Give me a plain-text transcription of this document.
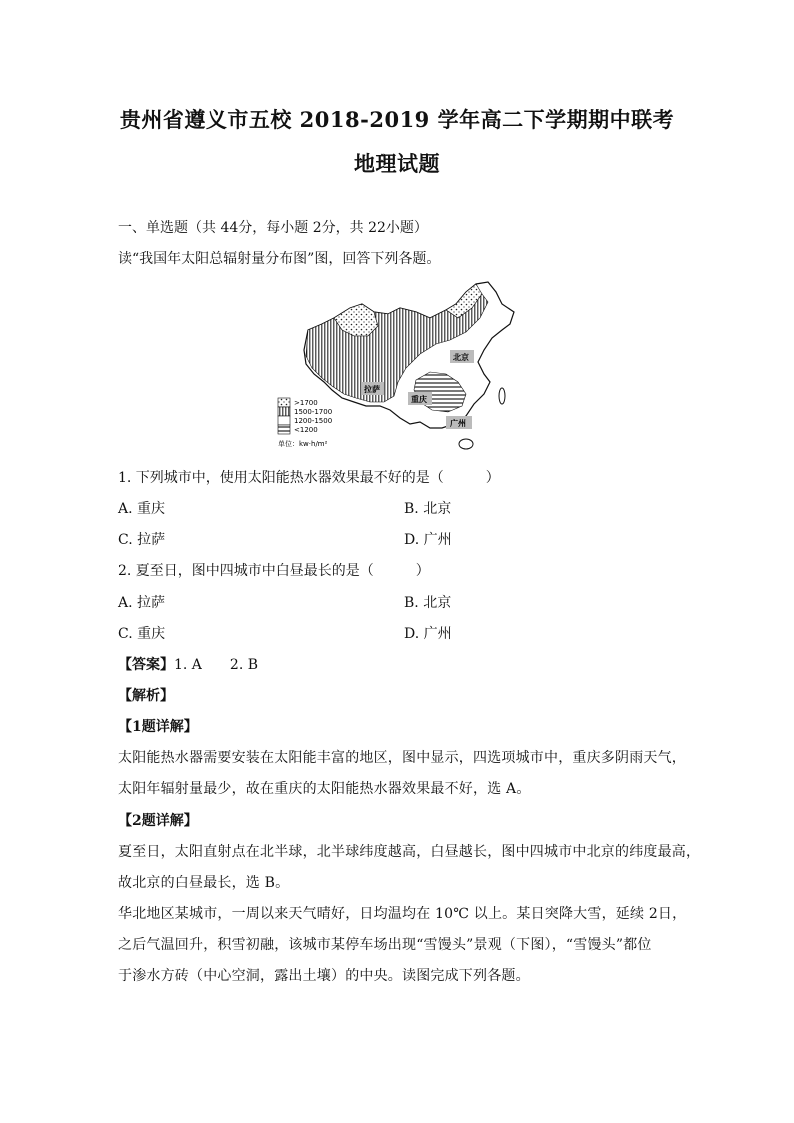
贵州省遵义市五校 2018-2019 学年高二下学期期中联考
地理试题
一、单选题（共 44分，每小题 2分，共 22小题）
读“我国年太阳总辐射量分布图”图，回答下列各题。
北京
拉萨
重庆
广州
>1700
1500-1700
1200-1500
<1200
单位：kw·h/m²
1. 下列城市中，使用太阳能热水器效果最不好的是（　　　）
A. 重庆	B. 北京
C. 拉萨	D. 广州
2. 夏至日，图中四城市中白昼最长的是（　　　）
A. 拉萨	B. 北京
C. 重庆	D. 广州
【答案】1. A　　2. B
【解析】
【1题详解】
太阳能热水器需要安装在太阳能丰富的地区，图中显示，四选项城市中，重庆多阴雨天气，
太阳年辐射量最少，故在重庆的太阳能热水器效果最不好，选 A。
【2题详解】
夏至日，太阳直射点在北半球，北半球纬度越高，白昼越长，图中四城市中北京的纬度最高，
故北京的白昼最长，选 B。
华北地区某城市，一周以来天气晴好，日均温均在 10℃ 以上。某日突降大雪，延续 2日，
之后气温回升，积雪初融，该城市某停车场出现“雪馒头”景观（下图），“雪馒头”都位
于渗水方砖（中心空洞，露出土壤）的中央。读图完成下列各题。
